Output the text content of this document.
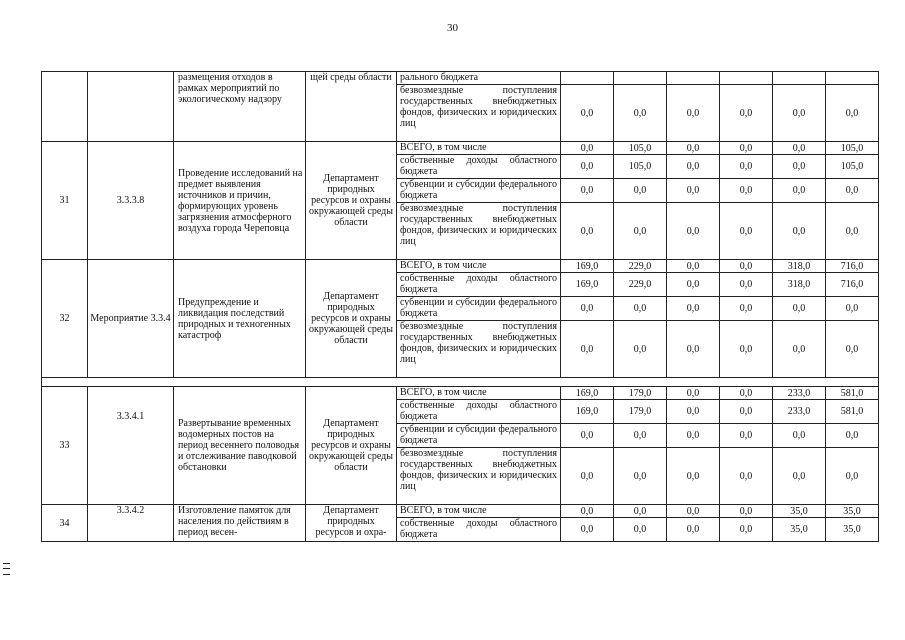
30
		размещения отходов в рамках мероприятий по экологическому надзору	щей среды области	рального бюджета						
				безвозмездные поступления государственных внебюджетных фондов, физических и юридических лиц	0,0	0,0	0,0	0,0	0,0	0,0
31	3.3.3.8	Проведение исследований на предмет выявления источников и причин, формирующих уровень загрязнения атмосферного воздуха города Череповца	Департамент природных ресурсов и охраны окружающей среды области	ВСЕГО, в том числе	0,0	105,0	0,0	0,0	0,0	105,0
				собственные доходы областного бюджета	0,0	105,0	0,0	0,0	0,0	105,0
				субвенции и субсидии федерального бюджета	0,0	0,0	0,0	0,0	0,0	0,0
				безвозмездные поступления государственных внебюджетных фондов, физических и юридических лиц	0,0	0,0	0,0	0,0	0,0	0,0
32	Мероприятие 3.3.4	Предупреждение и ликвидация последствий природных и техногенных катастроф	Департамент природных ресурсов и охраны окружающей среды области	ВСЕГО, в том числе	169,0	229,0	0,0	0,0	318,0	716,0
				собственные доходы областного бюджета	169,0	229,0	0,0	0,0	318,0	716,0
				субвенции и субсидии федерального бюджета	0,0	0,0	0,0	0,0	0,0	0,0
				безвозмездные поступления государственных внебюджетных фондов, физических и юридических лиц	0,0	0,0	0,0	0,0	0,0	0,0

33	3.3.4.1	Развертывание временных водомерных постов на период весеннего половодья и отслеживание паводковой обстановки	Департамент природных ресурсов и охраны окружающей среды области	ВСЕГО, в том числе	169,0	179,0	0,0	0,0	233,0	581,0
				собственные доходы областного бюджета	169,0	179,0	0,0	0,0	233,0	581,0
				субвенции и субсидии федерального бюджета	0,0	0,0	0,0	0,0	0,0	0,0
				безвозмездные поступления государственных внебюджетных фондов, физических и юридических лиц	0,0	0,0	0,0	0,0	0,0	0,0
34	3.3.4.2	Изготовление памяток для населения по действиям в период весен-	Департамент природных ресурсов и охра-	ВСЕГО, в том числе	0,0	0,0	0,0	0,0	35,0	35,0
				собственные доходы областного бюджета	0,0	0,0	0,0	0,0	35,0	35,0
